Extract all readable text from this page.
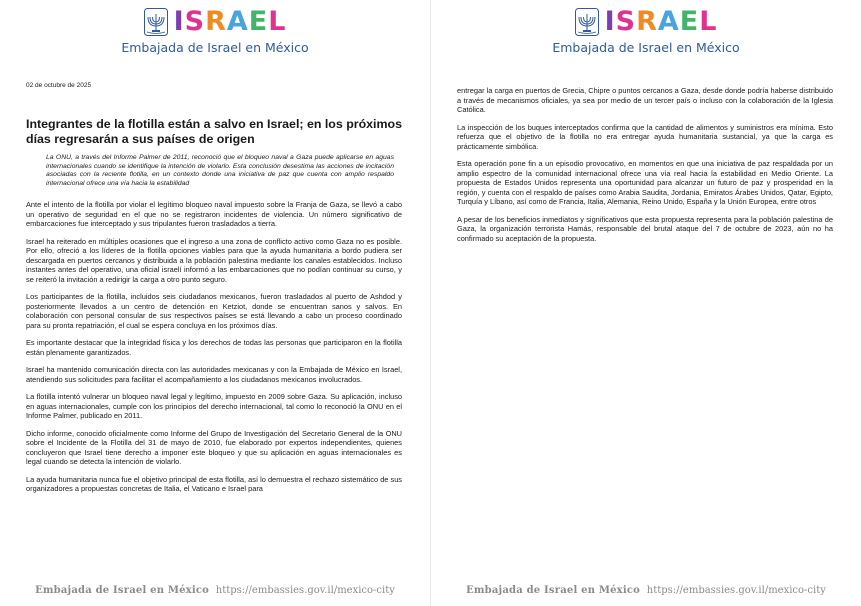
I S R A E L
Embajada de Israel en México
02 de octubre de 2025
Integrantes de la flotilla están a salvo en Israel; en los próximos días regresarán a sus países de origen
La ONU, a través del Informe Palmer de 2011, reconoció que el bloqueo naval a Gaza puede aplicarse en aguas internacionales cuando se identifique la intención de violarlo. Esta conclusión desestima las acciones de incitación asociadas con la reciente flotilla, en un contexto donde una iniciativa de paz que cuenta con amplio respaldo internacional ofrece una vía hacia la estabilidad

Ante el intento de la flotilla por violar el legítimo bloqueo naval impuesto sobre la Franja de Gaza, se llevó a cabo un operativo de seguridad en el que no se registraron incidentes de violencia. Un número significativo de embarcaciones fue interceptado y sus tripulantes fueron trasladados a tierra.

Israel ha reiterado en múltiples ocasiones que el ingreso a una zona de conflicto activo como Gaza no es posible. Por ello, ofreció a los líderes de la flotilla opciones viables para que la ayuda humanitaria a bordo pudiera ser descargada en puertos cercanos y distribuida a la población palestina mediante los canales establecidos. Incluso instantes antes del operativo, una oficial israelí informó a las embarcaciones que no podían continuar su curso, y se reiteró la invitación a redirigir la carga a otro punto seguro.

Los participantes de la flotilla, incluidos seis ciudadanos mexicanos, fueron trasladados al puerto de Ashdod y posteriormente llevados a un centro de detención en Ketziot, donde se encuentran sanos y salvos. En colaboración con personal consular de sus respectivos países se está llevando a cabo un proceso coordinado para su pronta repatriación, el cual se espera concluya en los próximos días.

Es importante destacar que la integridad física y los derechos de todas las personas que participaron en la flotilla están plenamente garantizados.

Israel ha mantenido comunicación directa con las autoridades mexicanas y con la Embajada de México en Israel, atendiendo sus solicitudes para facilitar el acompañamiento a los ciudadanos mexicanos involucrados.

La flotilla intentó vulnerar un bloqueo naval legal y legítimo, impuesto en 2009 sobre Gaza. Su aplicación, incluso en aguas internacionales, cumple con los principios del derecho internacional, tal como lo reconoció la ONU en el Informe Palmer, publicado en 2011.

Dicho informe, conocido oficialmente como Informe del Grupo de Investigación del Secretario General de la ONU sobre el Incidente de la Flotilla del 31 de mayo de 2010, fue elaborado por expertos independientes, quienes concluyeron que Israel tiene derecho a imponer este bloqueo y que su aplicación en aguas internacionales es legal cuando se detecta la intención de violarlo.

La ayuda humanitaria nunca fue el objetivo principal de esta flotilla, así lo demuestra el rechazo sistemático de sus organizadores a propuestas concretas de Italia, el Vaticano e Israel para

Embajada de Israel en México https://embassies.gov.il/mexico-city
I S R A E L
Embajada de Israel en México

entregar la carga en puertos de Grecia, Chipre o puntos cercanos a Gaza, desde donde podría haberse distribuido a través de mecanismos oficiales, ya sea por medio de un tercer país o incluso con la colaboración de la Iglesia Católica.

La inspección de los buques interceptados confirma que la cantidad de alimentos y suministros era mínima. Esto refuerza que el objetivo de la flotilla no era entregar ayuda humanitaria sustancial, ya que la carga es prácticamente simbólica.

Esta operación pone fin a un episodio provocativo, en momentos en que una iniciativa de paz respaldada por un amplio espectro de la comunidad internacional ofrece una vía real hacia la estabilidad en Medio Oriente. La propuesta de Estados Unidos representa una oportunidad para alcanzar un futuro de paz y prosperidad en la región, y cuenta con el respaldo de países como Arabia Saudita, Jordania, Emiratos Árabes Unidos, Qatar, Egipto, Turquía y Líbano, así como de Francia, Italia, Alemania, Reino Unido, España y la Unión Europea, entre otros

A pesar de los beneficios inmediatos y significativos que esta propuesta representa para la población palestina de Gaza, la organización terrorista Hamás, responsable del brutal ataque del 7 de octubre de 2023, aún no ha confirmado su aceptación de la propuesta.

Embajada de Israel en México https://embassies.gov.il/mexico-city
